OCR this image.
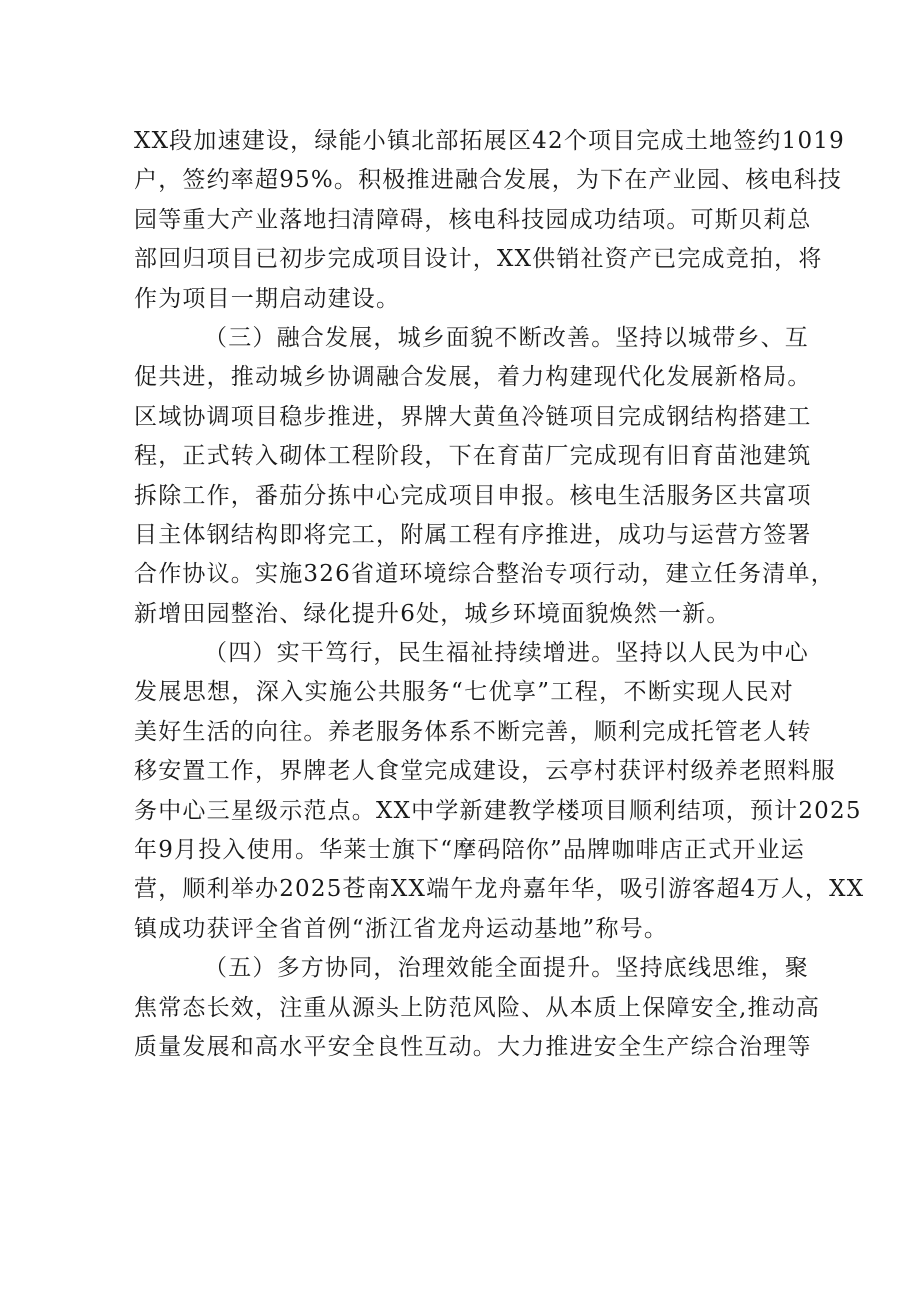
XX段加速建设，绿能小镇北部拓展区42个项目完成土地签约1019
户，签约率超95%。积极推进融合发展，为下在产业园、核电科技
园等重大产业落地扫清障碍，核电科技园成功结项。可斯贝莉总
部回归项目已初步完成项目设计，XX供销社资产已完成竞拍，将
作为项目一期启动建设。
（三）融合发展，城乡面貌不断改善。坚持以城带乡、互
促共进，推动城乡协调融合发展，着力构建现代化发展新格局。
区域协调项目稳步推进，界牌大黄鱼冷链项目完成钢结构搭建工
程，正式转入砌体工程阶段，下在育苗厂完成现有旧育苗池建筑
拆除工作，番茄分拣中心完成项目申报。核电生活服务区共富项
目主体钢结构即将完工，附属工程有序推进，成功与运营方签署
合作协议。实施326省道环境综合整治专项行动，建立任务清单，
新增田园整治、绿化提升6处，城乡环境面貌焕然一新。
（四）实干笃行，民生福祉持续增进。坚持以人民为中心
发展思想，深入实施公共服务“七优享”工程，不断实现人民对
美好生活的向往。养老服务体系不断完善，顺利完成托管老人转
移安置工作，界牌老人食堂完成建设，云亭村获评村级养老照料服
务中心三星级示范点。XX中学新建教学楼项目顺利结项，预计2025
年9月投入使用。华莱士旗下“摩码陪你”品牌咖啡店正式开业运
营，顺利举办2025苍南XX端午龙舟嘉年华，吸引游客超4万人，XX
镇成功获评全省首例“浙江省龙舟运动基地”称号。
（五）多方协同，治理效能全面提升。坚持底线思维，聚
焦常态长效，注重从源头上防范风险、从本质上保障安全,推动高
质量发展和高水平安全良性互动。大力推进安全生产综合治理等
